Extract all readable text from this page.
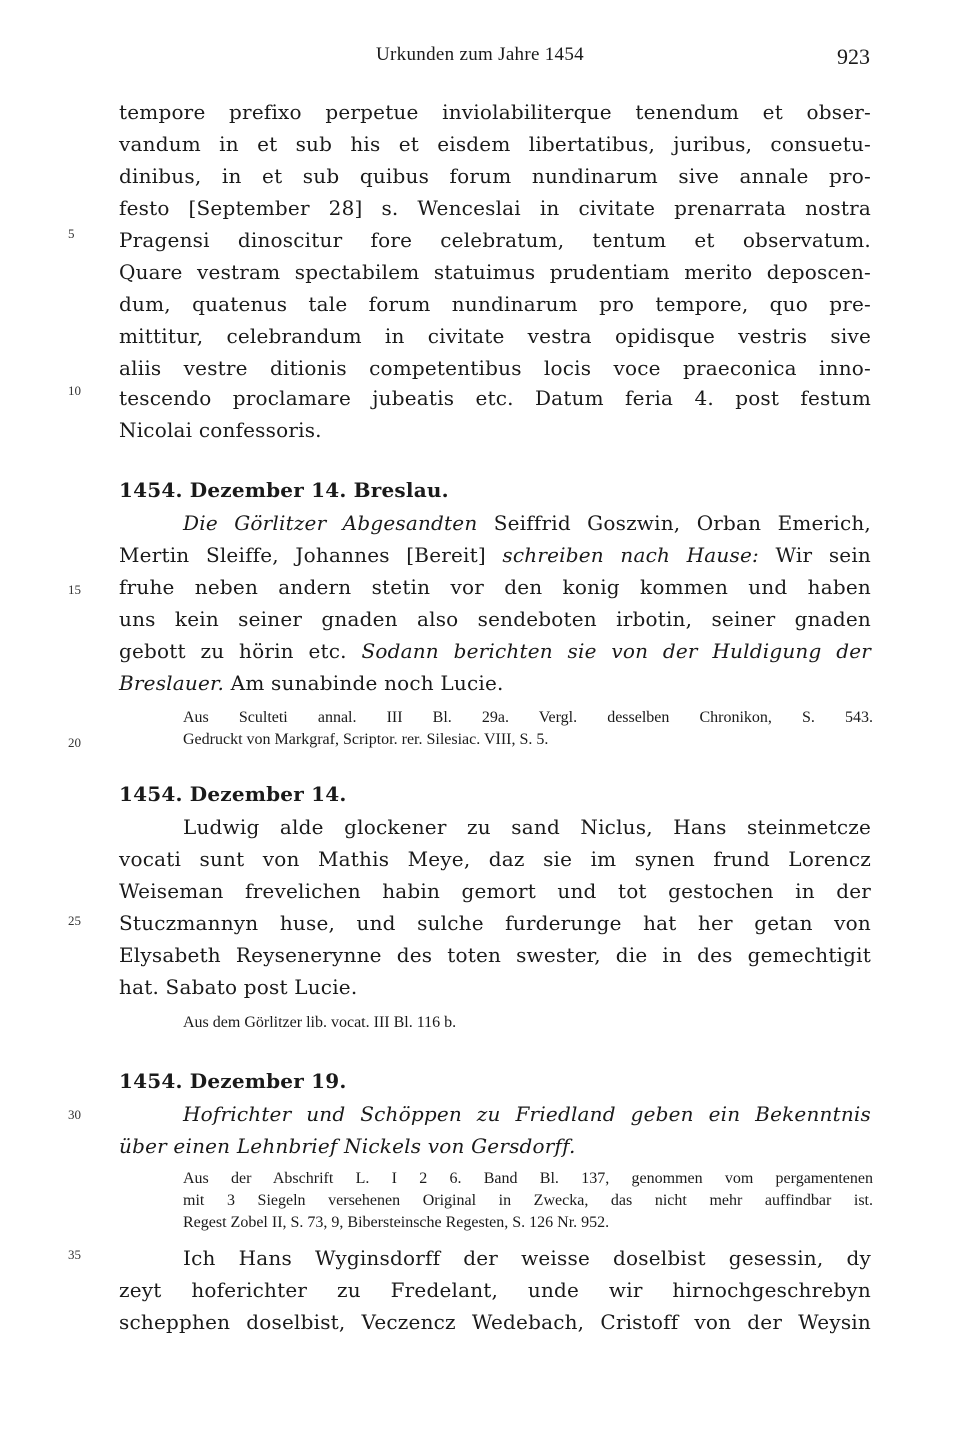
Urkunden zum Jahre 1454	923
5
10
15
20
25
30
35
tempore prefixo perpetue inviolabiliterque tenendum et obser-
vandum in et sub his et eisdem libertatibus, juribus, consuetu-
dinibus, in et sub quibus forum nundinarum sive annale pro-
festo [September 28] s. Wenceslai in civitate prenarrata nostra
Pragensi dinoscitur fore celebratum, tentum et observatum.
Quare vestram spectabilem statuimus prudentiam merito deposcen-
dum, quatenus tale forum nundinarum pro tempore, quo pre-
mittitur, celebrandum in civitate vestra opidisque vestris sive
aliis vestre ditionis competentibus locis voce praeconica inno-
tescendo proclamare jubeatis etc. Datum feria 4. post festum
Nicolai confessoris.
1454. Dezember 14. Breslau.
Die Görlitzer Abgesandten Seiffrid Goszwin, Orban Emerich,
Mertin Sleiffe, Johannes [Bereit] schreiben nach Hause: Wir sein
fruhe neben andern stetin vor den konig kommen und haben
uns kein seiner gnaden also sendeboten irbotin, seiner gnaden
gebott zu hörin etc. Sodann berichten sie von der Huldigung der
Breslauer. Am sunabinde noch Lucie.
Aus Sculteti annal. III Bl. 29a. Vergl. desselben Chronikon, S. 543.
Gedruckt von Markgraf, Scriptor. rer. Silesiac. VIII, S. 5.
1454. Dezember 14.
Ludwig alde glockener zu sand Niclus, Hans steinmetcze
vocati sunt von Mathis Meye, daz sie im synen frund Lorencz
Weiseman frevelichen habin gemort und tot gestochen in der
Stuczmannyn huse, und sulche furderunge hat her getan von
Elysabeth Reysenerynne des toten swester, die in des gemechtigit
hat. Sabato post Lucie.
Aus dem Görlitzer lib. vocat. III Bl. 116 b.
1454. Dezember 19.
Hofrichter und Schöppen zu Friedland geben ein Bekenntnis
über einen Lehnbrief Nickels von Gersdorff.
Aus der Abschrift L. I 2 6. Band Bl. 137, genommen vom pergamentenen
mit 3 Siegeln versehenen Original in Zwecka, das nicht mehr auffindbar ist.
Regest Zobel II, S. 73, 9, Bibersteinsche Regesten, S. 126 Nr. 952.
Ich Hans Wyginsdorff der weisse doselbist gesessin, dy
zeyt hoferichter zu Fredelant, unde wir hirnochgeschrebyn
schepphen doselbist, Veczencz Wedebach, Cristoff von der Weysin
